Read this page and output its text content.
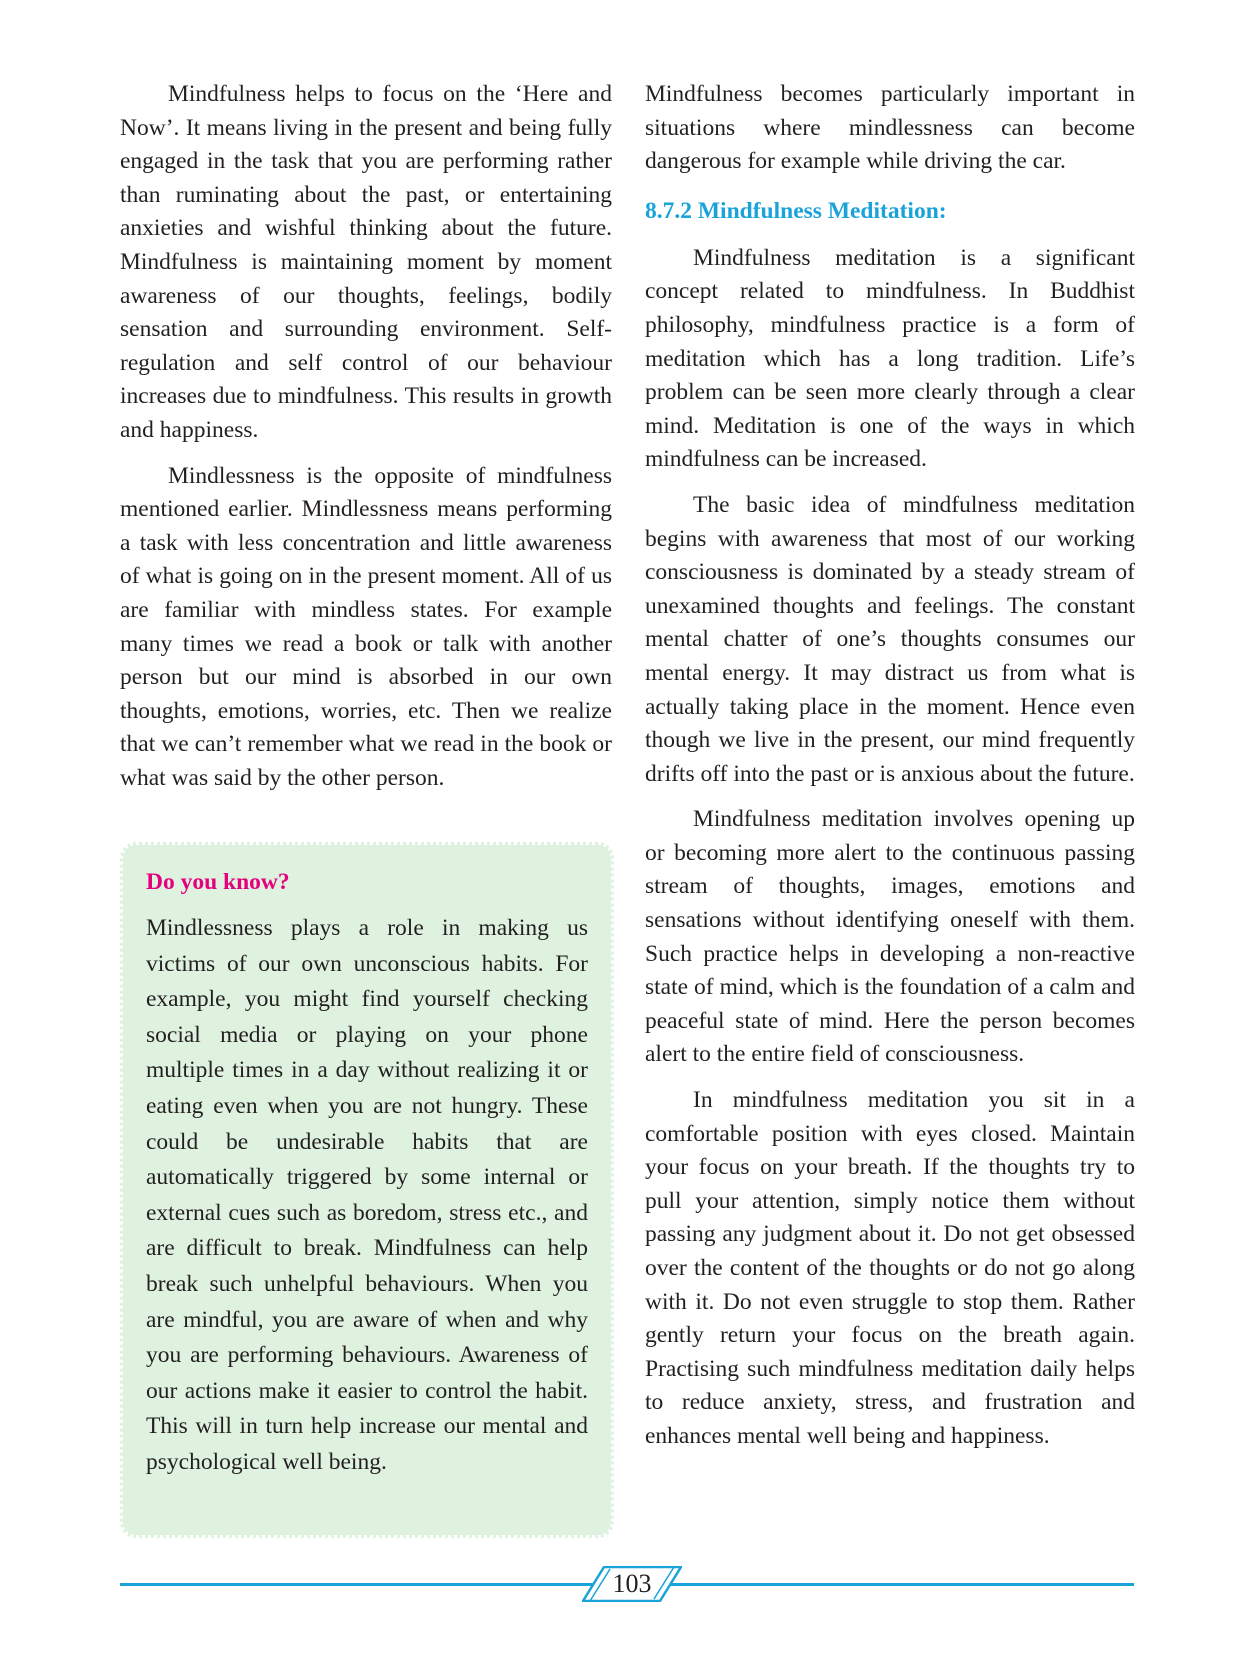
Mindfulness helps to focus on the ‘Here and Now’. It means living in the present and being fully engaged in the task that you are performing rather than ruminating about the past, or entertaining anxieties and wishful thinking about the future. Mindfulness is maintaining moment by moment awareness of our thoughts, feelings, bodily sensation and surrounding environment. Self-regulation and self control of our behaviour increases due to mindfulness. This results in growth and happiness.

Mindlessness is the opposite of mindfulness mentioned earlier. Mindlessness means performing a task with less concentration and little awareness of what is going on in the present moment. All of us are familiar with mindless states. For example many times we read a book or talk with another person but our mind is absorbed in our own thoughts, emotions, worries, etc. Then we realize that we can’t remember what we read in the book or what was said by the other person.

Do you know?

Mindlessness plays a role in making us victims of our own unconscious habits. For example, you might find yourself checking social media or playing on your phone multiple times in a day without realizing it or eating even when you are not hungry. These could be undesirable habits that are automatically triggered by some internal or external cues such as boredom, stress etc., and are difficult to break. Mindfulness can help break such unhelpful behaviours. When you are mindful, you are aware of when and why you are performing behaviours. Awareness of our actions make it easier to control the habit. This will in turn help increase our mental and psychological well being.

Mindfulness becomes particularly important in situations where mindlessness can become dangerous for example while driving the car.

8.7.2 Mindfulness Meditation:

Mindfulness meditation is a significant concept related to mindfulness. In Buddhist philosophy, mindfulness practice is a form of meditation which has a long tradition. Life’s problem can be seen more clearly through a clear mind. Meditation is one of the ways in which mindfulness can be increased.

The basic idea of mindfulness meditation begins with awareness that most of our working consciousness is dominated by a steady stream of unexamined thoughts and feelings. The constant mental chatter of one’s thoughts consumes our mental energy. It may distract us from what is actually taking place in the moment. Hence even though we live in the present, our mind frequently drifts off into the past or is anxious about the future.

Mindfulness meditation involves opening up or becoming more alert to the continuous passing stream of thoughts, images, emotions and sensations without identifying oneself with them. Such practice helps in developing a non-reactive state of mind, which is the foundation of a calm and peaceful state of mind. Here the person becomes alert to the entire field of consciousness.

In mindfulness meditation you sit in a comfortable position with eyes closed. Maintain your focus on your breath. If the thoughts try to pull your attention, simply notice them without passing any judgment about it. Do not get obsessed over the content of the thoughts or do not go along with it. Do not even struggle to stop them. Rather gently return your focus on the breath again. Practising such mindfulness meditation daily helps to reduce anxiety, stress, and frustration and enhances mental well being and happiness.

103
